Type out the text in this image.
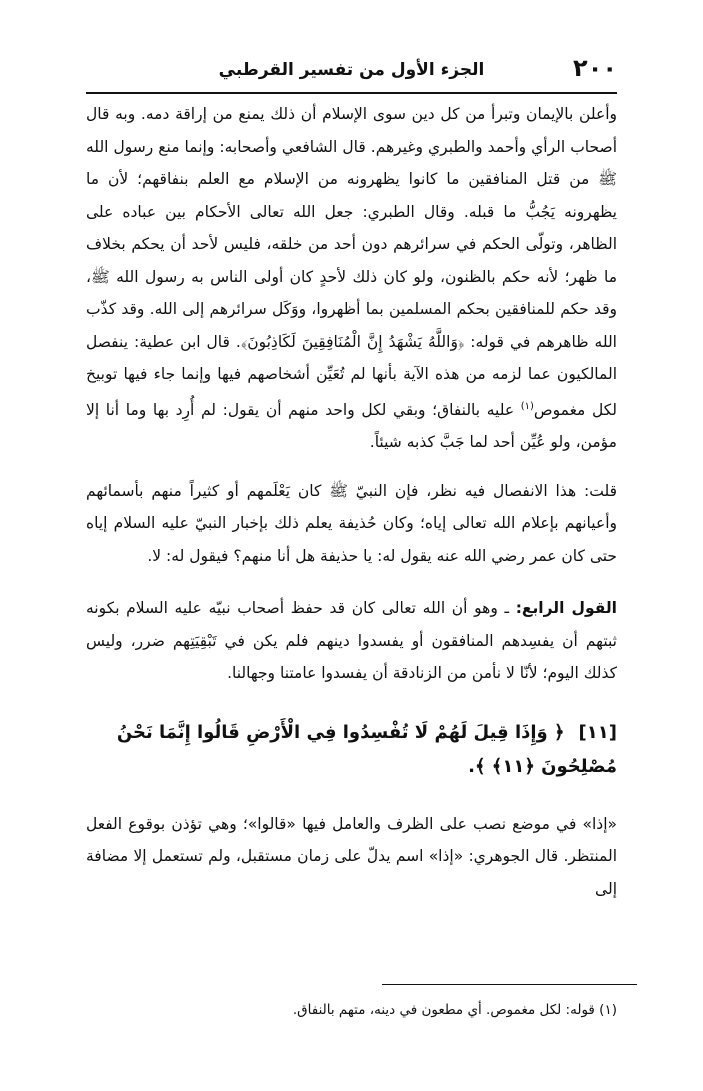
٢٠٠
الجزء الأول من تفسير القرطبي

وأعلن بالإيمان وتبرأ من كل دين سوى الإسلام أن ذلك يمنع من إراقة دمه. وبه قال أصحاب الرأي وأحمد والطبري وغيرهم. قال الشافعي وأصحابه: وإنما منع رسول الله ﷺ من قتل المنافقين ما كانوا يظهرونه من الإسلام مع العلم بنفاقهم؛ لأن ما يظهرونه يَجُبُّ ما قبله. وقال الطبري: جعل الله تعالى الأحكام بين عباده على الظاهر، وتولّى الحكم في سرائرهم دون أحد من خلقه، فليس لأحد أن يحكم بخلاف ما ظهر؛ لأنه حكم بالظنون، ولو كان ذلك لأحدٍ كان أولى الناس به رسول الله ﷺ، وقد حكم للمنافقين بحكم المسلمين بما أظهروا، ووَكَل سرائرهم إلى الله. وقد كذّب الله ظاهرهم في قوله: ﴿وَاللَّهُ يَشْهَدُ إِنَّ الْمُنَافِقِينَ لَكَاذِبُونَ﴾. قال ابن عطية: ينفصل المالكيون عما لزمه من هذه الآية بأنها لم تُعَيِّن أشخاصهم فيها وإنما جاء فيها توبيخ لكل مغموص$^{(١)}$ عليه بالنفاق؛ وبقي لكل واحد منهم أن يقول: لم أُرِد بها وما أنا إلا مؤمن، ولو عُيِّن أحد لما جَبَّ كذبه شيئاً.

قلت: هذا الانفصال فيه نظر، فإن النبيّ ﷺ كان يَعْلَمهم أو كثيراً منهم بأسمائهم وأعيانهم بإعلام الله تعالى إياه؛ وكان حُذيفة يعلم ذلك بإخبار النبيّ عليه السلام إياه حتى كان عمر رضي الله عنه يقول له: يا حذيفة هل أنا منهم؟ فيقول له: لا.

القول الرابع: ـ وهو أن الله تعالى كان قد حفظ أصحاب نبيّه عليه السلام بكونه ثبتهم أن يفسِدهم المنافقون أو يفسدوا دينهم فلم يكن في تَبْقِيَتِهم ضرر، وليس كذلك اليوم؛ لأنّا لا نأمن من الزنادقة أن يفسدوا عامتنا وجهالنا.

[١١]﴿ وَإِذَا قِيلَ لَهُمْ لَا تُفْسِدُوا فِي الْأَرْضِ قَالُوا إِنَّمَا نَحْنُ مُصْلِحُونَ ﴿١١﴾ ﴾.

«إذا» في موضع نصب على الظرف والعامل فيها «قالوا»؛ وهي تؤذن بوقوع الفعل المنتظر. قال الجوهري: «إذا» اسم يدلّ على زمان مستقبل، ولم تستعمل إلا مضافة إلى

(١) قوله: لكل مغموص. أي مطعون في دينه، متهم بالنفاق.
